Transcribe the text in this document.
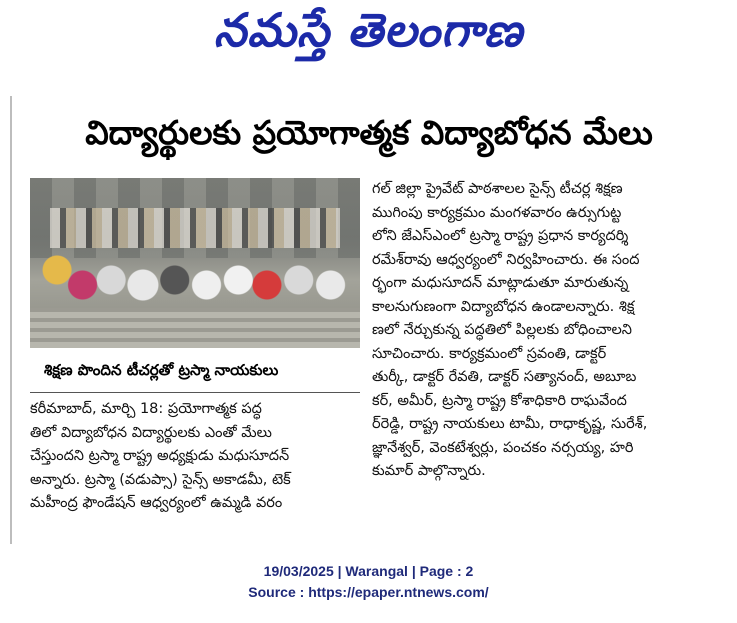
నమస్తే తెలంగాణ
విద్యార్థులకు ప్రయోగాత్మక విద్యాబోధన మేలు
శిక్షణ పొందిన టీచర్లతో ట్రస్మా నాయకులు
కరీమాబాద్, మార్చి 18: ప్రయోగాత్మక పద్ధ
తిలో విద్యాబోధన విద్యార్థులకు ఎంతో మేలు
చేస్తుందని ట్రస్మా రాష్ట్ర అధ్యక్షుడు మధుసూదన్
అన్నారు. ట్రస్మా (వడుప్సా) సైన్స్ అకాడమీ, టెక్
మహీంద్ర ఫౌండేషన్ ఆధ్వర్యంలో ఉమ్మడి వరం
గల్ జిల్లా ప్రైవేట్ పాఠశాలల సైన్స్ టీచర్ల శిక్షణ
ముగింపు కార్యక్రమం మంగళవారం ఉర్సుగుట్ట
లోని జేఎస్ఎంలో ట్రస్మా రాష్ట్ర ప్రధాన కార్యదర్శి
రమేశ్‌రావు ఆధ్వర్యంలో నిర్వహించారు. ఈ సంద
ర్భంగా మధుసూదన్ మాట్లాడుతూ మారుతున్న
కాలనుగుణంగా విద్యాబోధన ఉండాలన్నారు. శిక్ష
ణలో నేర్చుకున్న పద్ధతిలో పిల్లలకు బోధించాలని
సూచించారు. కార్యక్రమంలో స్రవంతి, డాక్టర్
తుర్కీ, డాక్టర్ రేవతి, డాక్టర్ సత్యానంద్, అబూబ
కర్, అమీర్, ట్రస్మా రాష్ట్ర కోశాధికారి రాఘవేంద
ర్‌రెడ్డి, రాష్ట్ర నాయకులు టామీ, రాధాకృష్ణ, సురేశ్,
జ్ఞానేశ్వర్, వెంకటేశ్వర్లు, పంచకం నర్సయ్య, హరి
కుమార్ పాల్గొన్నారు.
19/03/2025 | Warangal | Page : 2
Source : https://epaper.ntnews.com/
